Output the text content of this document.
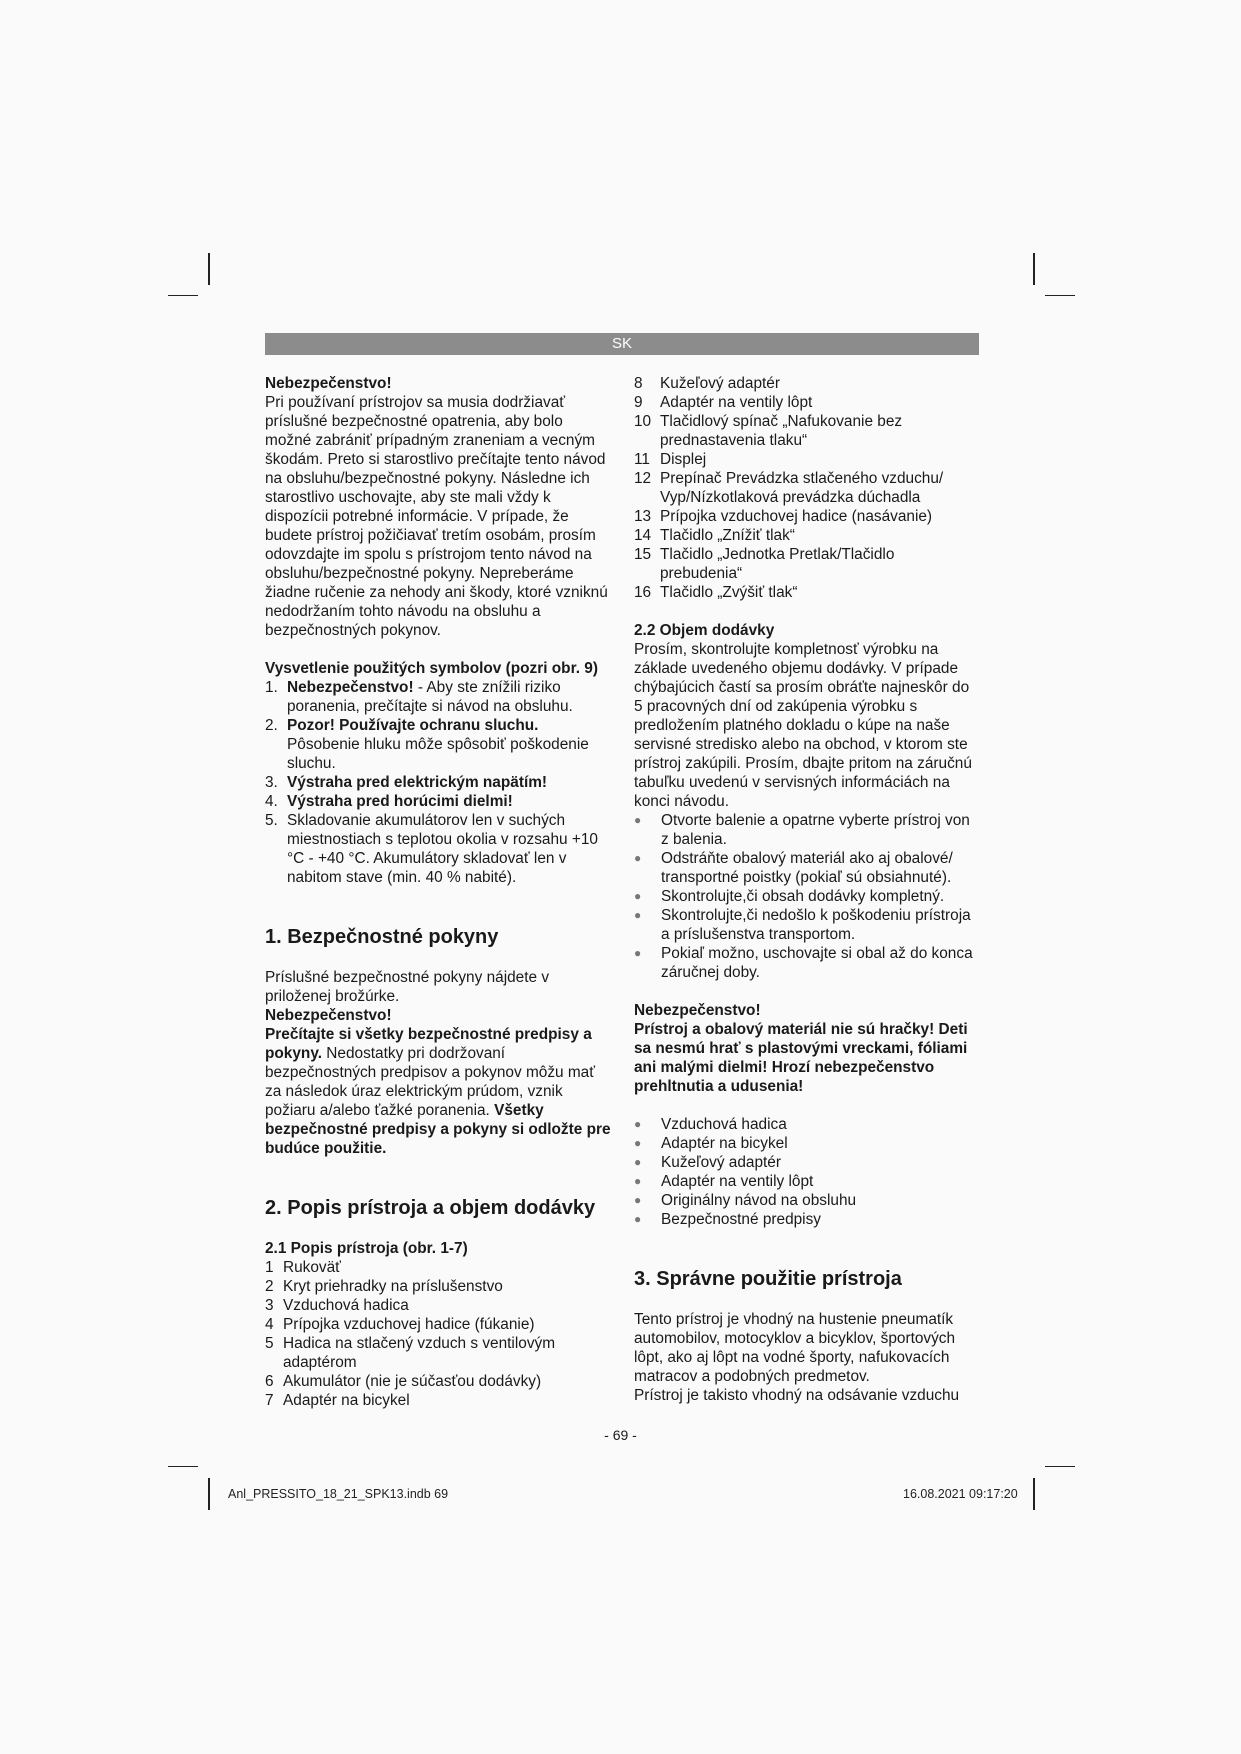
SK

Nebezpečenstvo!

Pri používaní prístrojov sa musia dodržiavať príslušné bezpečnostné opatrenia, aby bolo možné zabrániť prípadným zraneniam a vecným škodám. Preto si starostlivo prečítajte tento návod na obsluhu/bezpečnostné pokyny. Následne ich starostlivo uschovajte, aby ste mali vždy k dispozícii potrebné informácie. V prípade, že budete prístroj požičiavať tretím osobám, prosím odovzdajte im spolu s prístrojom tento návod na obsluhu/bezpečnostné pokyny. Nepreberáme žiadne ručenie za nehody ani škody, ktoré vzniknú nedodržaním tohto návodu na obsluhu a bezpečnostných pokynov.

Vysvetlenie použitých symbolov (pozri obr. 9)

1. Nebezpečenstvo! - Aby ste znížili riziko poranenia, prečítajte si návod na obsluhu.
2. Pozor! Používajte ochranu sluchu. Pôsobenie hluku môže spôsobiť poškodenie sluchu.
3. Výstraha pred elektrickým napätím!
4. Výstraha pred horúcimi dielmi!
5. Skladovanie akumulátorov len v suchých miestnostiach s teplotou okolia v rozsahu +10 °C - +40 °C. Akumulátory skladovať len v nabitom stave (min. 40 % nabité).

1. Bezpečnostné pokyny

Príslušné bezpečnostné pokyny nájdete v priloženej brožúrke.

Nebezpečenstvo!

Prečítajte si všetky bezpečnostné predpisy a pokyny. Nedostatky pri dodržovaní bezpečnostných predpisov a pokynov môžu mať za následok úraz elektrickým prúdom, vznik požiaru a/alebo ťažké poranenia. Všetky bezpečnostné predpisy a pokyny si odložte pre budúce použitie.

2. Popis prístroja a objem dodávky

2.1 Popis prístroja (obr. 1-7)

1 Rukoväť
2 Kryt priehradky na príslušenstvo
3 Vzduchová hadica
4 Prípojka vzduchovej hadice (fúkanie)
5 Hadica na stlačený vzduch s ventilovým adaptérom
6 Akumulátor (nie je súčasťou dodávky)
7 Adaptér na bicykel
8	Kužeľový adaptér
9	Adaptér na ventily lôpt
10 Tlačidlový spínač „Nafukovanie bez prednastavenia tlaku“
11 Displej
12 Prepínač Prevádzka stlačeného vzduchu/ Vyp/Nízkotlaková prevádzka dúchadla
13 Prípojka vzduchovej hadice (nasávanie)
14 Tlačidlo „Znížiť tlak“
15 Tlačidlo „Jednotka Pretlak/Tlačidlo prebudenia“
16 Tlačidlo „Zvýšiť tlak“

2.2 Objem dodávky

Prosím, skontrolujte kompletnosť výrobku na základe uvedeného objemu dodávky. V prípade chýbajúcich častí sa prosím obráťte najneskôr do 5 pracovných dní od zakúpenia výrobku s predložením platného dokladu o kúpe na naše servisné stredisko alebo na obchod, v ktorom ste prístroj zakúpili. Prosím, dbajte pritom na záručnú tabuľku uvedenú v servisných informáciách na konci návodu.

●	Otvorte balenie a opatrne vyberte prístroj von z balenia.
●	Odstráňte obalový materiál ako aj obalové/ transportné poistky (pokiaľ sú obsiahnuté).
●	Skontrolujte,či obsah dodávky kompletný.
●	Skontrolujte,či nedošlo k poškodeniu prístroja a príslušenstva transportom.
●	Pokiaľ možno, uschovajte si obal až do konca záručnej doby.

Nebezpečenstvo!

Prístroj a obalový materiál nie sú hračky! Deti sa nesmú hrať s plastovými vreckami, fóliami ani malými dielmi! Hrozí nebezpečenstvo prehltnutia a udusenia!

●	Vzduchová hadica
●	Adaptér na bicykel
●	Kužeľový adaptér
●	Adaptér na ventily lôpt
●	Originálny návod na obsluhu
●	Bezpečnostné predpisy

3. Správne použitie prístroja

Tento prístroj je vhodný na hustenie pneumatík automobilov, motocyklov a bicyklov, športových lôpt, ako aj lôpt na vodné športy, nafukovacích matracov a podobných predmetov.

Prístroj je takisto vhodný na odsávanie vzduchu

- 69 -
Anl_PRESSITO_18_21_SPK13.indb 69	16.08.2021 09:17:20
